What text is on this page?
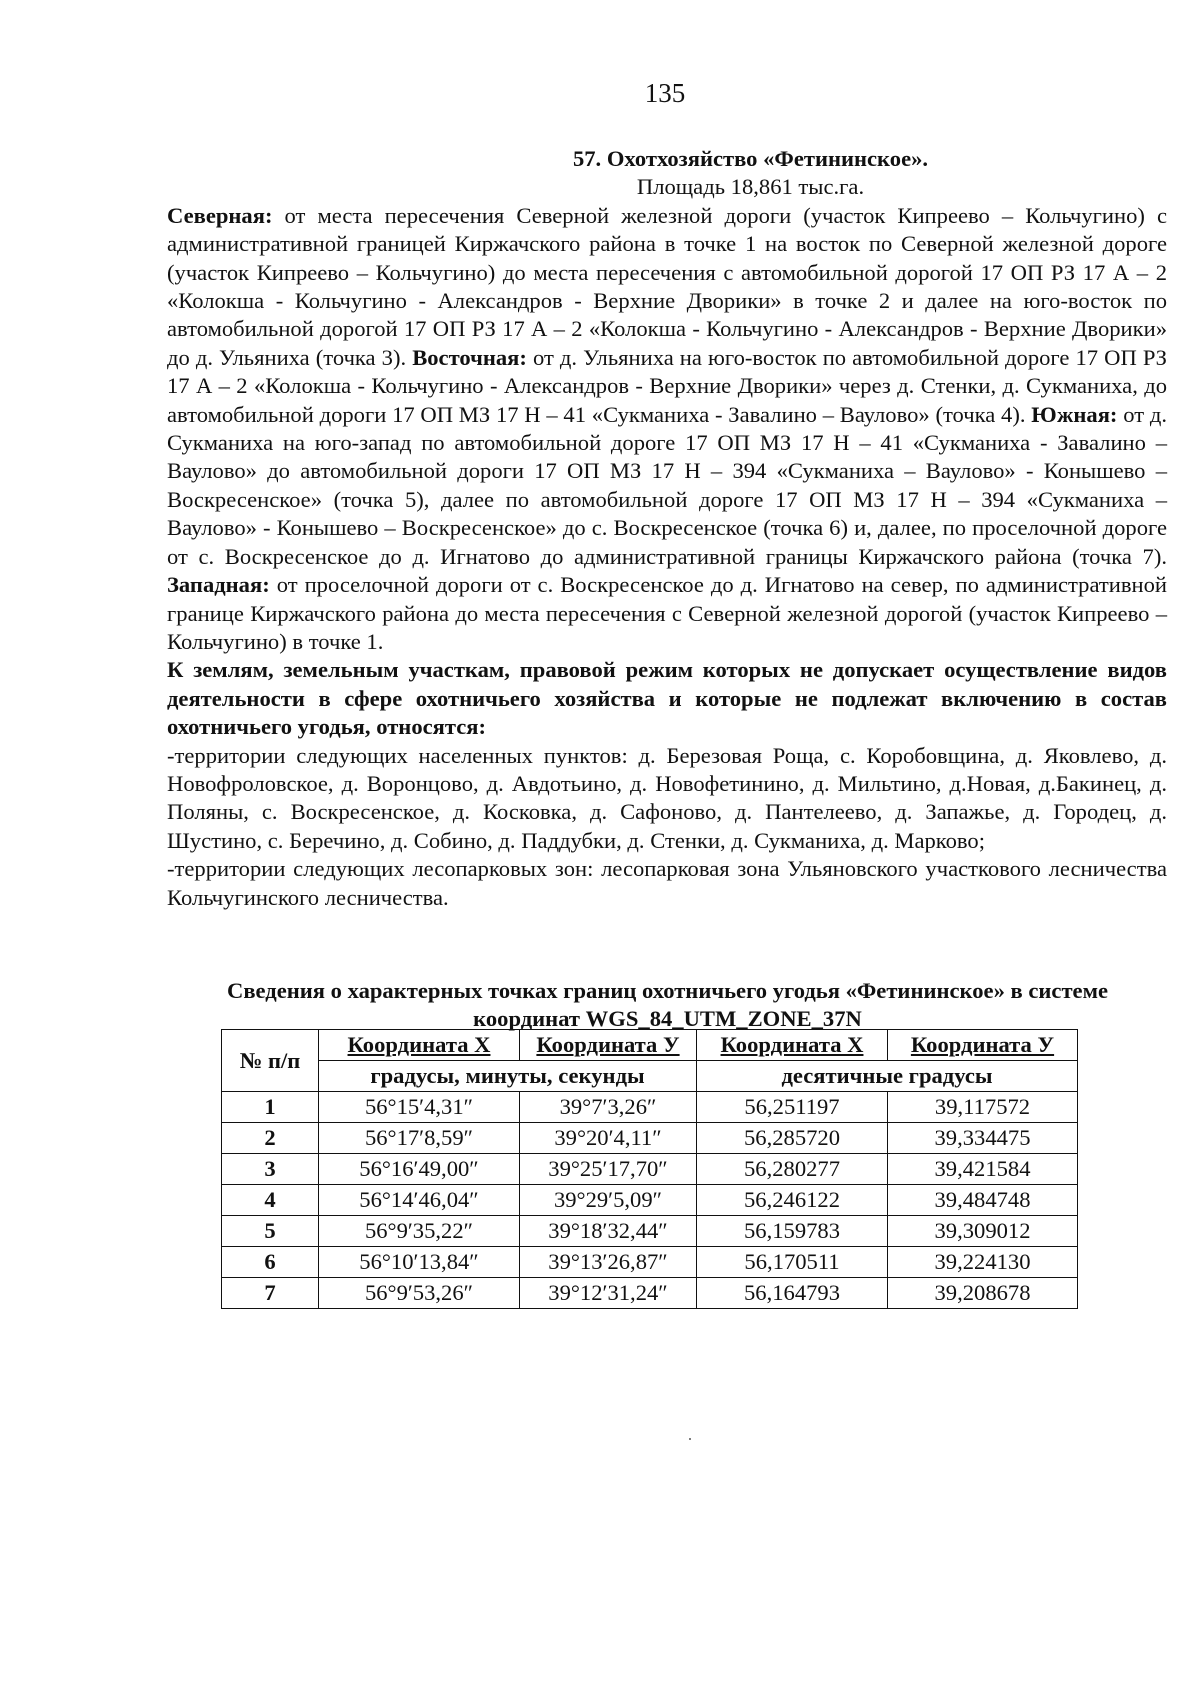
135
57. Охотхозяйство «Фетининское».
Площадь 18,861 тыс.га.

Северная: от места пересечения Северной железной дороги (участок Кипреево – Кольчугино) с административной границей Киржачского района в точке 1 на восток по Северной железной дороге (участок Кипреево – Кольчугино) до места пересечения с автомобильной дорогой 17 ОП РЗ 17 А – 2 «Колокша - Кольчугино - Александров - Верхние Дворики» в точке 2 и далее на юго-восток по автомобильной дорогой 17 ОП РЗ 17 А – 2 «Колокша - Кольчугино - Александров - Верхние Дворики» до д. Ульяниха (точка 3). Восточная: от д. Ульяниха на юго-восток по автомобильной дороге 17 ОП РЗ 17 А – 2 «Колокша - Кольчугино - Александров - Верхние Дворики» через д. Стенки, д. Сукманиха, до автомобильной дороги 17 ОП МЗ 17 Н – 41 «Сукманиха - Завалино – Ваулово» (точка 4). Южная: от д. Сукманиха на юго-запад по автомобильной дороге 17 ОП МЗ 17 Н – 41 «Сукманиха - Завалино – Ваулово» до автомобильной дороги 17 ОП МЗ 17 Н – 394 «Сукманиха – Ваулово» - Конышево – Воскресенское» (точка 5), далее по автомобильной дороге 17 ОП МЗ 17 Н – 394 «Сукманиха – Ваулово» - Конышево – Воскресенское» до с. Воскресенское (точка 6) и, далее, по проселочной дороге от с. Воскресенское до д. Игнатово до административной границы Киржачского района (точка 7). Западная: от проселочной дороги от с. Воскресенское до д. Игнатово на север, по административной границе Киржачского района до места пересечения с Северной железной дорогой (участок Кипреево – Кольчугино) в точке 1.

К землям, земельным участкам, правовой режим которых не допускает осуществление видов деятельности в сфере охотничьего хозяйства и которые не подлежат включению в состав охотничьего угодья, относятся:

-территории следующих населенных пунктов: д. Березовая Роща, с. Коробовщина, д. Яковлево, д. Новофроловское, д. Воронцово, д. Авдотьино, д. Новофетинино, д. Мильтино, д.Новая, д.Бакинец, д. Поляны, с. Воскресенское, д. Косковка, д. Сафоново, д. Пантелеево, д. Запажье, д. Городец, д. Шустино, с. Беречино, д. Собино, д. Паддубки, д. Стенки, д. Сукманиха, д. Марково;

-территории следующих лесопарковых зон: лесопарковая зона Ульяновского участкового лесничества Кольчугинского лесничества.

Сведения о характерных точках границ охотничьего угодья «Фетининское» в системе
координат WGS_84_UTM_ZONE_37N
№ п/п	Координата X	Координата У	Координата X	Координата У
	градусы, минуты, секунды		десятичные градусы	
1	56°15′4,31″	39°7′3,26″	56,251197	39,117572
2	56°17′8,59″	39°20′4,11″	56,285720	39,334475
3	56°16′49,00″	39°25′17,70″	56,280277	39,421584
4	56°14′46,04″	39°29′5,09″	56,246122	39,484748
5	56°9′35,22″	39°18′32,44″	56,159783	39,309012
6	56°10′13,84″	39°13′26,87″	56,170511	39,224130
7	56°9′53,26″	39°12′31,24″	56,164793	39,208678
